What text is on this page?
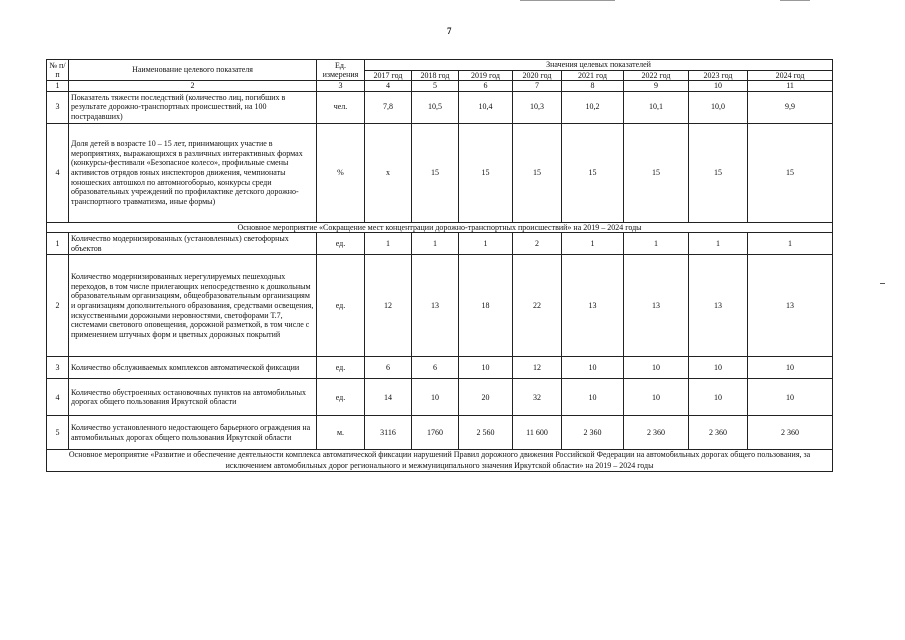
7
№ п/п	Наименование целевого показателя	Ед. измерения	Значения целевых показателей							
			2017 год	2018 год	2019 год	2020 год	2021 год	2022 год	2023 год	2024 год
1	2	3	4	5	6	7	8	9	10	11
3	Показатель тяжести последствий (количество лиц, погибших в результате дорожно-транспортных происшествий, на 100 пострадавших)	чел.	7,8	10,5	10,4	10,3	10,2	10,1	10,0	9,9
4	Доля детей в возрасте 10 – 15 лет, принимающих участие в мероприятиях, выражающихся в различных интерактивных формах (конкурсы-фестивали «Безопасное колесо», профильные смены активистов отрядов юных инспекторов движения, чемпионаты юношеских автошкол по автомногоборью, конкурсы среди образовательных учреждений по профилактике детского дорожно-транспортного травматизма, иные формы)	%	х	15	15	15	15	15	15	15
Основное мероприятие «Сокращение мест концентрации дорожно-транспортных происшествий» на 2019 – 2024 годы										
1	Количество модернизированных (установленных) светофорных объектов	ед.	1	1	1	2	1	1	1	1
2	Количество модернизированных нерегулируемых пешеходных переходов, в том числе прилегающих непосредственно к дошкольным образовательным организациям, общеобразовательным организациям и организациям дополнительного образования, средствами освещения, искусственными дорожными неровностями, светофорами Т.7, системами светового оповещения, дорожной разметкой, в том числе с применением штучных форм и цветных дорожных покрытий	ед.	12	13	18	22	13	13	13	13
3	Количество обслуживаемых комплексов автоматической фиксации	ед.	6	6	10	12	10	10	10	10
4	Количество обустроенных остановочных пунктов на автомобильных дорогах общего пользования Иркутской области	ед.	14	10	20	32	10	10	10	10
5	Количество установленного недостающего барьерного ограждения на автомобильных дорогах общего пользования Иркутской области	м.	3116	1760	2 560	11 600	2 360	2 360	2 360	2 360
Основное мероприятие «Развитие и обеспечение деятельности комплекса автоматической фиксации нарушений Правил дорожного движения Российской Федерации на автомобильных дорогах общего пользования, за исключением автомобильных дорог регионального и межмуниципального значения Иркутской области» на 2019 – 2024 годы										
